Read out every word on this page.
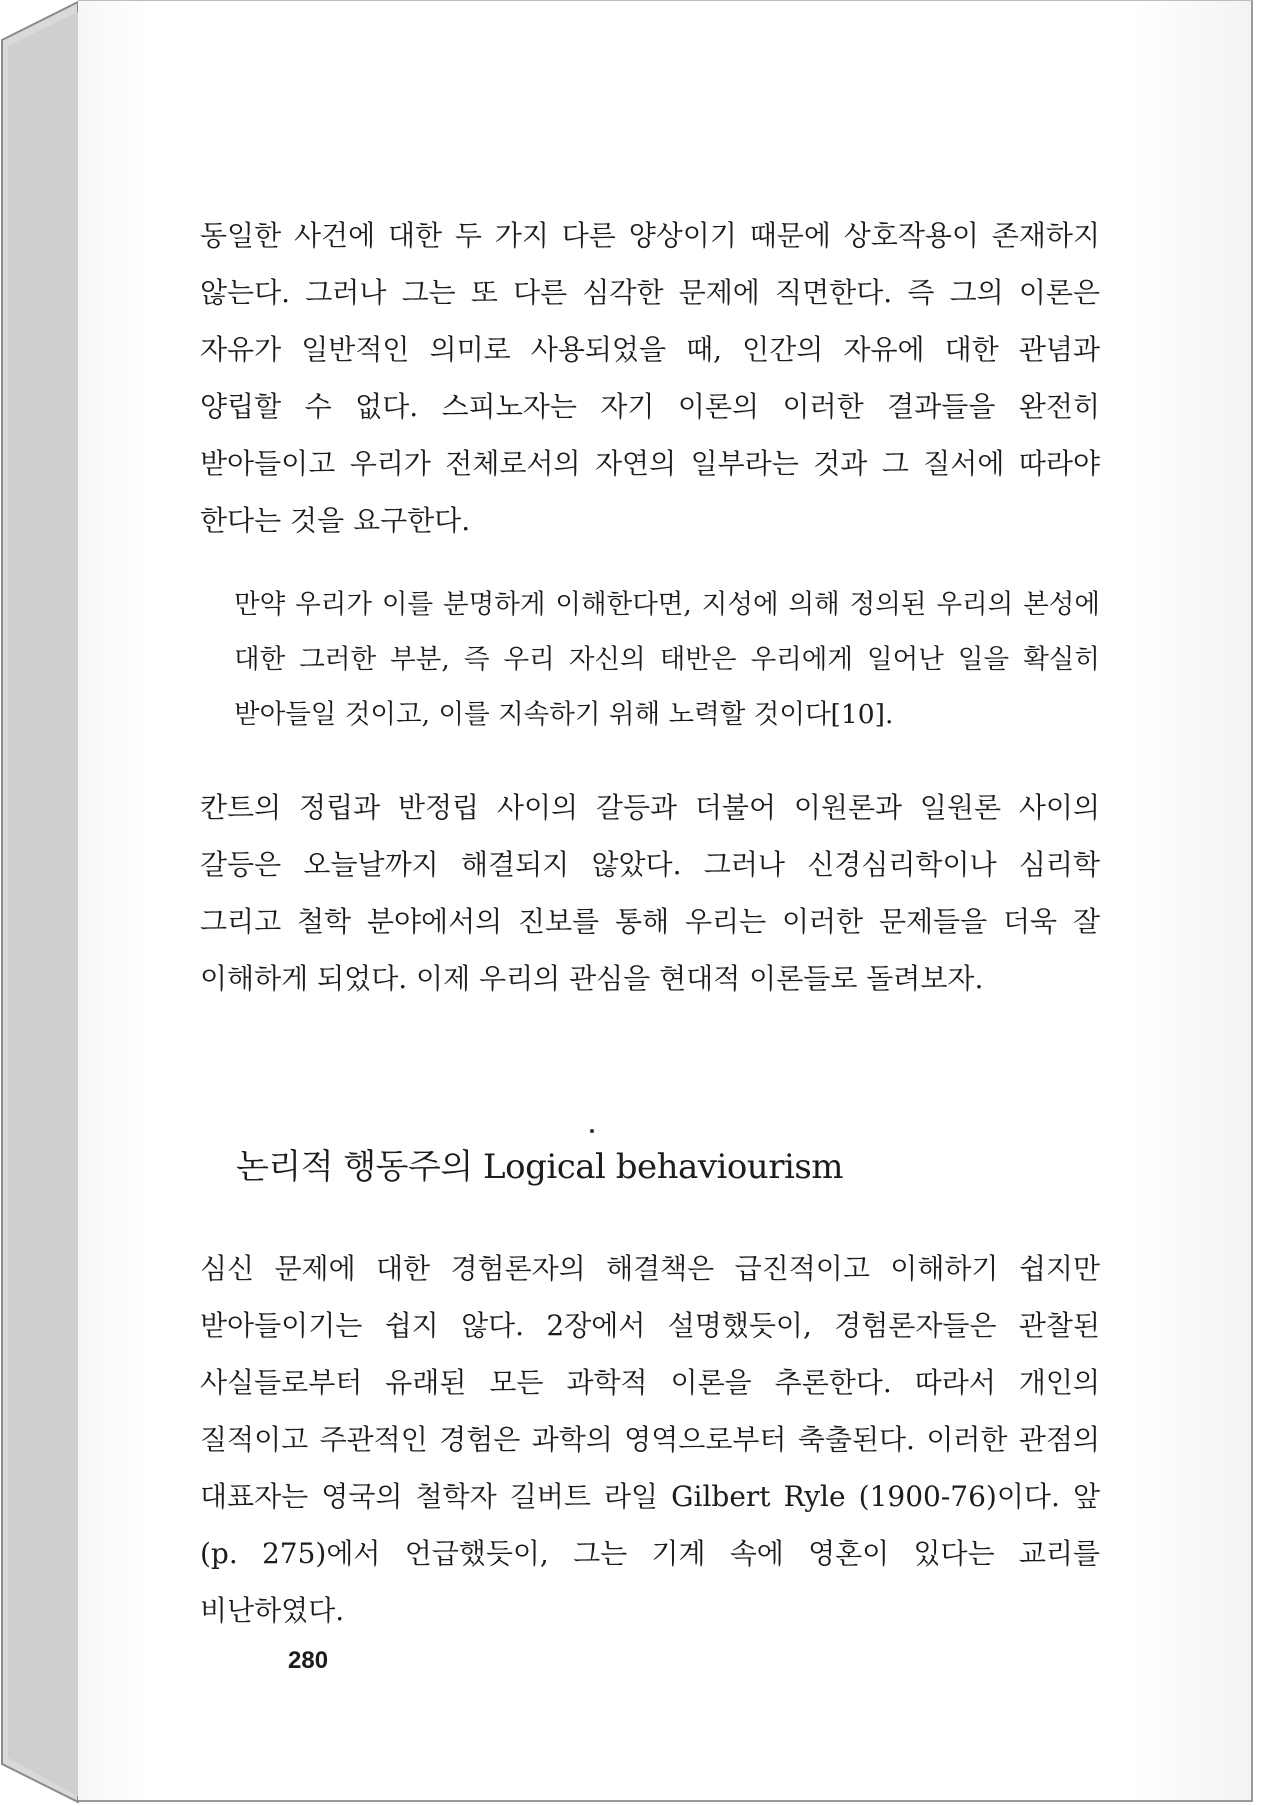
동일한 사건에 대한 두 가지 다른 양상이기 때문에 상호작용이 존재하지 않는다. 그러나 그는 또 다른 심각한 문제에 직면한다. 즉 그의 이론은 자유가 일반적인 의미로 사용되었을 때, 인간의 자유에 대한 관념과 양립할 수 없다. 스피노자는 자기 이론의 이러한 결과들을 완전히 받아들이고 우리가 전체로서의 자연의 일부라는 것과 그 질서에 따라야 한다는 것을 요구한다.

만약 우리가 이를 분명하게 이해한다면, 지성에 의해 정의된 우리의 본성에 대한 그러한 부분, 즉 우리 자신의 태반은 우리에게 일어난 일을 확실히 받아들일 것이고, 이를 지속하기 위해 노력할 것이다[10].

칸트의 정립과 반정립 사이의 갈등과 더불어 이원론과 일원론 사이의 갈등은 오늘날까지 해결되지 않았다. 그러나 신경심리학이나 심리학 그리고 철학 분야에서의 진보를 통해 우리는 이러한 문제들을 더욱 잘 이해하게 되었다. 이제 우리의 관심을 현대적 이론들로 돌려보자.

논리적 행동주의 Logical behaviourism

심신 문제에 대한 경험론자의 해결책은 급진적이고 이해하기 쉽지만 받아들이기는 쉽지 않다. 2장에서 설명했듯이, 경험론자들은 관찰된 사실들로부터 유래된 모든 과학적 이론을 추론한다. 따라서 개인의 질적이고 주관적인 경험은 과학의 영역으로부터 축출된다. 이러한 관점의 대표자는 영국의 철학자 길버트 라일 Gilbert Ryle (1900-76)이다. 앞(p. 275)에서 언급했듯이, 그는 기계 속에 영혼이 있다는 교리를 비난하였다.

280
